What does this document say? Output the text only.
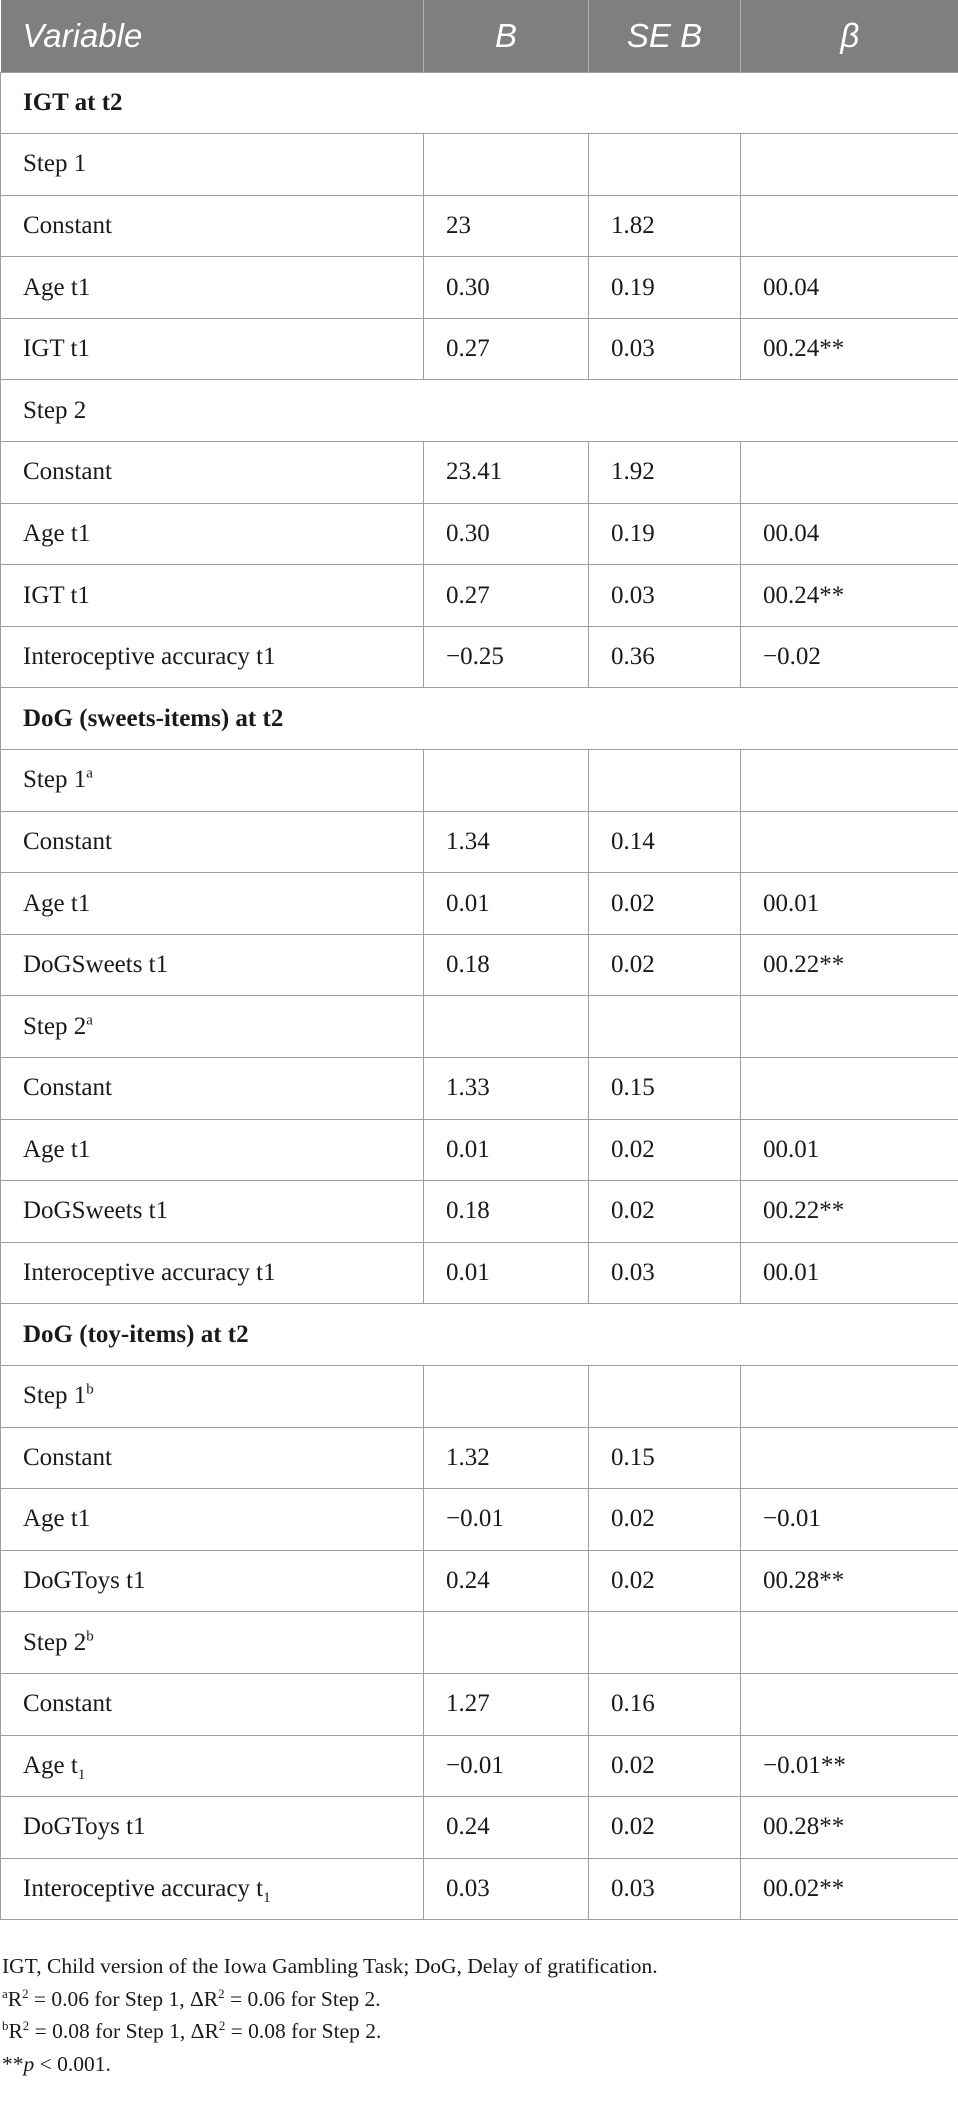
Variable	B	SE B	β
IGT at t2			
Step 1			
Constant	23	1.82	
Age t1	0.30	0.19	00.04
IGT t1	0.27	0.03	00.24**
Step 2			
Constant	23.41	1.92	
Age t1	0.30	0.19	00.04
IGT t1	0.27	0.03	00.24**
Interoceptive accuracy t1	−0.25	0.36	−0.02
DoG (sweets-items) at t2			
Step 1$^a$			
Constant	1.34	0.14	
Age t1	0.01	0.02	00.01
DoGSweets t1	0.18	0.02	00.22**
Step 2$^a$			
Constant	1.33	0.15	
Age t1	0.01	0.02	00.01
DoGSweets t1	0.18	0.02	00.22**
Interoceptive accuracy t1	0.01	0.03	00.01
DoG (toy-items) at t2			
Step 1$^b$			
Constant	1.32	0.15	
Age t1	−0.01	0.02	−0.01
DoGToys t1	0.24	0.02	00.28**
Step 2$^b$			
Constant	1.27	0.16	
Age $t_1$	−0.01	0.02	−0.01**
DoGToys t1	0.24	0.02	00.28**
Interoceptive accuracy $t_1$	0.03	0.03	00.02**
IGT, Child version of the Iowa Gambling Task; DoG, Delay of gratification.
$^aR^2 = 0.06$ for Step 1, $\Delta R^2 = 0.06$ for Step 2.
$^bR^2 = 0.08$ for Step 1, $\Delta R^2 = 0.08$ for Step 2.
**p < 0.001.
